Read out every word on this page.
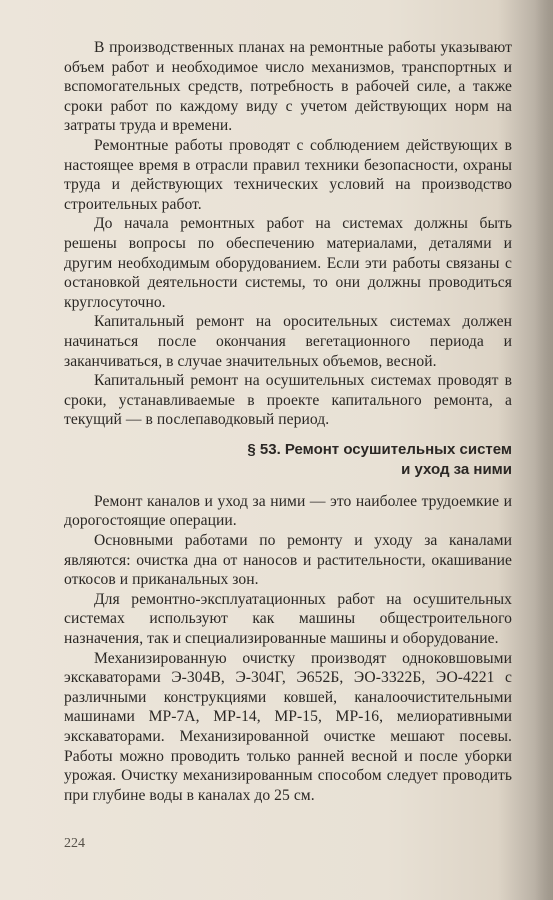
В производственных планах на ремонтные работы указывают объем работ и необходимое число механизмов, транспортных и вспомогательных средств, потребность в рабочей силе, а также сроки работ по каждому виду с учетом действующих норм на затраты труда и времени.

Ремонтные работы проводят с соблюдением действующих в настоящее время в отрасли правил техники безопасности, охраны труда и действующих технических условий на производство строительных работ.

До начала ремонтных работ на системах должны быть решены вопросы по обеспечению материалами, деталями и другим необходимым оборудованием. Если эти работы связаны с остановкой деятельности системы, то они должны проводиться круглосуточно.

Капитальный ремонт на оросительных системах должен начинаться после окончания вегетационного периода и заканчиваться, в случае значительных объемов, весной.

Капитальный ремонт на осушительных системах проводят в сроки, устанавливаемые в проекте капитального ремонта, а текущий — в послепаводковый период.

§ 53. Ремонт осушительных систем
и уход за ними

Ремонт каналов и уход за ними — это наиболее трудоемкие и дорогостоящие операции.

Основными работами по ремонту и уходу за каналами являются: очистка дна от наносов и растительности, окашивание откосов и приканальных зон.

Для ремонтно-эксплуатационных работ на осушительных системах используют как машины общестроительного назначения, так и специализированные машины и оборудование.

Механизированную очистку производят одноковшовыми экскаваторами Э-304В, Э-304Г, Э652Б, ЭО-3322Б, ЭО-4221 с различными конструкциями ковшей, каналоочистительными машинами МР-7А, МР-14, МР-15, МР-16, мелиоративными экскаваторами. Механизированной очистке мешают посевы. Работы можно проводить только ранней весной и после уборки урожая. Очистку механизированным способом следует проводить при глубине воды в каналах до 25 см.

224
